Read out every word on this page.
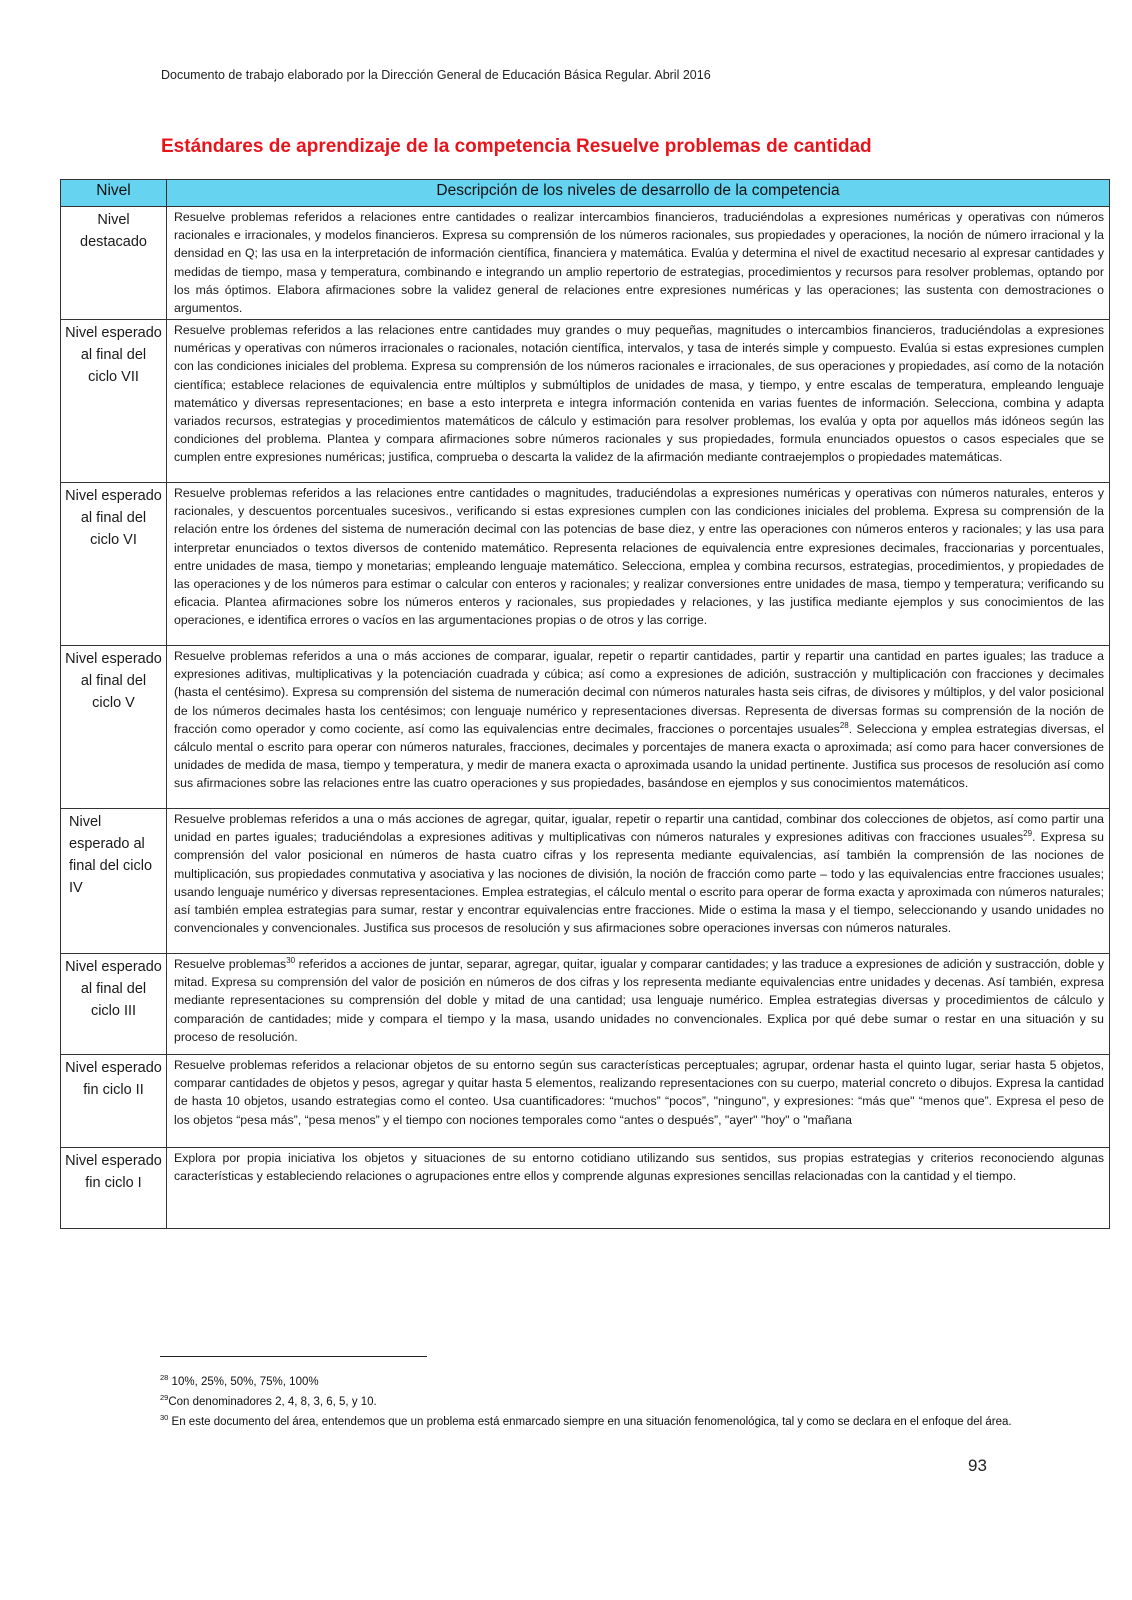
Documento de trabajo elaborado por la Dirección General de Educación Básica Regular. Abril 2016
Estándares de aprendizaje de la competencia Resuelve problemas de cantidad
Nivel	Descripción de los niveles de desarrollo de la competencia
Nivel destacado	Resuelve problemas referidos a relaciones entre cantidades o realizar intercambios financieros, traduciéndolas a expresiones numéricas y operativas con números racionales e irracionales, y modelos financieros. Expresa su comprensión de los números racionales, sus propiedades y operaciones, la noción de número irracional y la densidad en Q; las usa en la interpretación de información científica, financiera y matemática. Evalúa y determina el nivel de exactitud necesario al expresar cantidades y medidas de tiempo, masa y temperatura, combinando e integrando un amplio repertorio de estrategias, procedimientos y recursos para resolver problemas, optando por los más óptimos. Elabora afirmaciones sobre la validez general de relaciones entre expresiones numéricas y las operaciones; las sustenta con demostraciones o argumentos.
Nivel esperado al final del ciclo VII	Resuelve problemas referidos a las relaciones entre cantidades muy grandes o muy pequeñas, magnitudes o intercambios financieros, traduciéndolas a expresiones numéricas y operativas con números irracionales o racionales, notación científica, intervalos, y tasa de interés simple y compuesto. Evalúa si estas expresiones cumplen con las condiciones iniciales del problema. Expresa su comprensión de los números racionales e irracionales, de sus operaciones y propiedades, así como de la notación científica; establece relaciones de equivalencia entre múltiplos y submúltiplos de unidades de masa, y tiempo, y entre escalas de temperatura, empleando lenguaje matemático y diversas representaciones; en base a esto interpreta e integra información contenida en varias fuentes de información. Selecciona, combina y adapta variados recursos, estrategias y procedimientos matemáticos de cálculo y estimación para resolver problemas, los evalúa y opta por aquellos más idóneos según las condiciones del problema. Plantea y compara afirmaciones sobre números racionales y sus propiedades, formula enunciados opuestos o casos especiales que se cumplen entre expresiones numéricas; justifica, comprueba o descarta la validez de la afirmación mediante contraejemplos o propiedades matemáticas.
Nivel esperado al final del ciclo VI	Resuelve problemas referidos a las relaciones entre cantidades o magnitudes, traduciéndolas a expresiones numéricas y operativas con números naturales, enteros y racionales, y descuentos porcentuales sucesivos., verificando si estas expresiones cumplen con las condiciones iniciales del problema. Expresa su comprensión de la relación entre los órdenes del sistema de numeración decimal con las potencias de base diez, y entre las operaciones con números enteros y racionales; y las usa para interpretar enunciados o textos diversos de contenido matemático. Representa relaciones de equivalencia entre expresiones decimales, fraccionarias y porcentuales, entre unidades de masa, tiempo y monetarias; empleando lenguaje matemático. Selecciona, emplea y combina recursos, estrategias, procedimientos, y propiedades de las operaciones y de los números para estimar o calcular con enteros y racionales; y realizar conversiones entre unidades de masa, tiempo y temperatura; verificando su eficacia. Plantea afirmaciones sobre los números enteros y racionales, sus propiedades y relaciones, y las justifica mediante ejemplos y sus conocimientos de las operaciones, e identifica errores o vacíos en las argumentaciones propias o de otros y las corrige.
Nivel esperado al final del ciclo V	Resuelve problemas referidos a una o más acciones de comparar, igualar, repetir o repartir cantidades, partir y repartir una cantidad en partes iguales; las traduce a expresiones aditivas, multiplicativas y la potenciación cuadrada y cúbica; así como a expresiones de adición, sustracción y multiplicación con fracciones y decimales (hasta el centésimo). Expresa su comprensión del sistema de numeración decimal con números naturales hasta seis cifras, de divisores y múltiplos, y del valor posicional de los números decimales hasta los centésimos; con lenguaje numérico y representaciones diversas. Representa de diversas formas su comprensión de la noción de fracción como operador y como cociente, así como las equivalencias entre decimales, fracciones o porcentajes usuales$^{28}$. Selecciona y emplea estrategias diversas, el cálculo mental o escrito para operar con números naturales, fracciones, decimales y porcentajes de manera exacta o aproximada; así como para hacer conversiones de unidades de medida de masa, tiempo y temperatura, y medir de manera exacta o aproximada usando la unidad pertinente. Justifica sus procesos de resolución así como sus afirmaciones sobre las relaciones entre las cuatro operaciones y sus propiedades, basándose en ejemplos y sus conocimientos matemáticos.
Nivel esperado al final del ciclo IV	Resuelve problemas referidos a una o más acciones de agregar, quitar, igualar, repetir o repartir una cantidad, combinar dos colecciones de objetos, así como partir una unidad en partes iguales; traduciéndolas a expresiones aditivas y multiplicativas con números naturales y expresiones aditivas con fracciones usuales$^{29}$. Expresa su comprensión del valor posicional en números de hasta cuatro cifras y los representa mediante equivalencias, así también la comprensión de las nociones de multiplicación, sus propiedades conmutativa y asociativa y las nociones de división, la noción de fracción como parte – todo y las equivalencias entre fracciones usuales; usando lenguaje numérico y diversas representaciones. Emplea estrategias, el cálculo mental o escrito para operar de forma exacta y aproximada con números naturales; así también emplea estrategias para sumar, restar y encontrar equivalencias entre fracciones. Mide o estima la masa y el tiempo, seleccionando y usando unidades no convencionales y convencionales. Justifica sus procesos de resolución y sus afirmaciones sobre operaciones inversas con números naturales.
Nivel esperado al final del ciclo III	Resuelve problemas$^{30}$ referidos a acciones de juntar, separar, agregar, quitar, igualar y comparar cantidades; y las traduce a expresiones de adición y sustracción, doble y mitad. Expresa su comprensión del valor de posición en números de dos cifras y los representa mediante equivalencias entre unidades y decenas. Así también, expresa mediante representaciones su comprensión del doble y mitad de una cantidad; usa lenguaje numérico. Emplea estrategias diversas y procedimientos de cálculo y comparación de cantidades; mide y compara el tiempo y la masa, usando unidades no convencionales. Explica por qué debe sumar o restar en una situación y su proceso de resolución.
Nivel esperado fin ciclo II	Resuelve problemas referidos a relacionar objetos de su entorno según sus características perceptuales; agrupar, ordenar hasta el quinto lugar, seriar hasta 5 objetos, comparar cantidades de objetos y pesos, agregar y quitar hasta 5 elementos, realizando representaciones con su cuerpo, material concreto o dibujos. Expresa la cantidad de hasta 10 objetos, usando estrategias como el conteo. Usa cuantificadores: “muchos” “pocos”, "ninguno", y expresiones: “más que" “menos que”. Expresa el peso de los objetos “pesa más”, “pesa menos” y el tiempo con nociones temporales como “antes o después”, "ayer" "hoy" o "mañana
Nivel esperado fin ciclo I	Explora por propia iniciativa los objetos y situaciones de su entorno cotidiano utilizando sus sentidos, sus propias estrategias y criterios reconociendo algunas características y estableciendo relaciones o agrupaciones entre ellos y comprende algunas expresiones sencillas relacionadas con la cantidad y el tiempo.

$^{28}$ 10%, 25%, 50%, 75%, 100%

$^{29}$Con denominadores 2, 4, 8, 3, 6, 5, y 10.

$^{30}$ En este documento del área, entendemos que un problema está enmarcado siempre en una situación fenomenológica, tal y como se declara en el enfoque del área.

93
